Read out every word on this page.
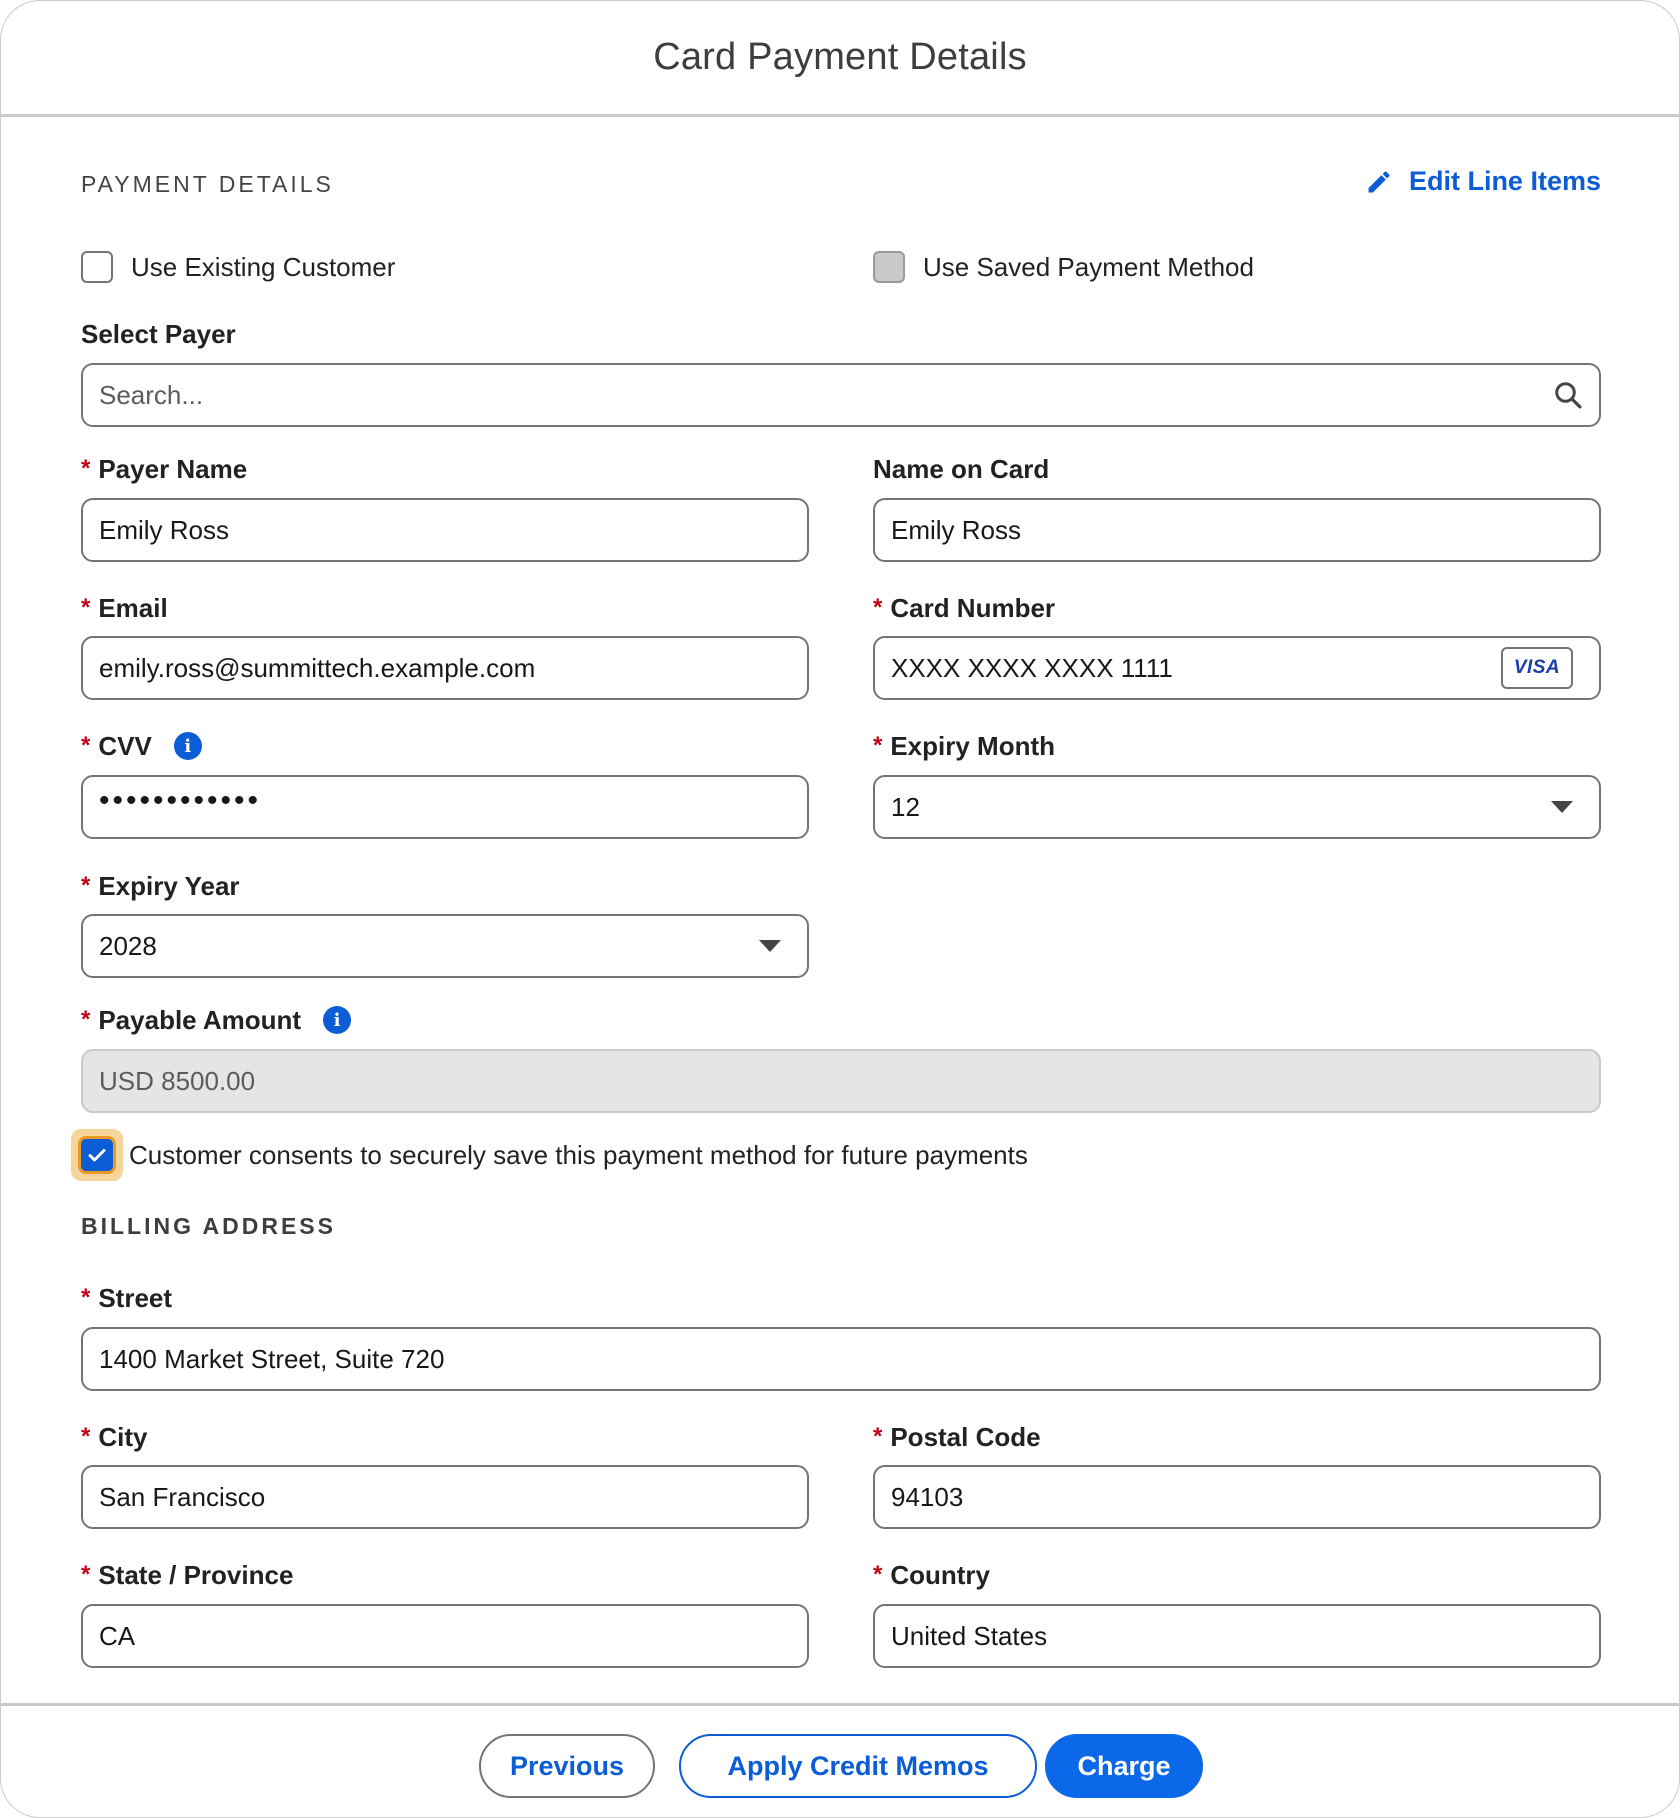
Card Payment Details
PAYMENT DETAILS	Edit Line Items
Use Existing Customer	Use Saved Payment Method
Select Payer
Search...
* Payer Name
Emily Ross
Name on Card
Emily Ross
* Email
emily.ross@summittech.example.com
* Card Number
XXXX XXXX XXXX 1111	VISA
* CVV	i
••••••••••••
* Expiry Month
12
* Expiry Year
2028
* Payable Amount	i
USD 8500.00
Customer consents to securely save this payment method for future payments
BILLING ADDRESS
* Street
1400 Market Street, Suite 720
* City
San Francisco
* Postal Code
94103
* State / Province
CA
* Country
United States
Previous	Apply Credit Memos	Charge
